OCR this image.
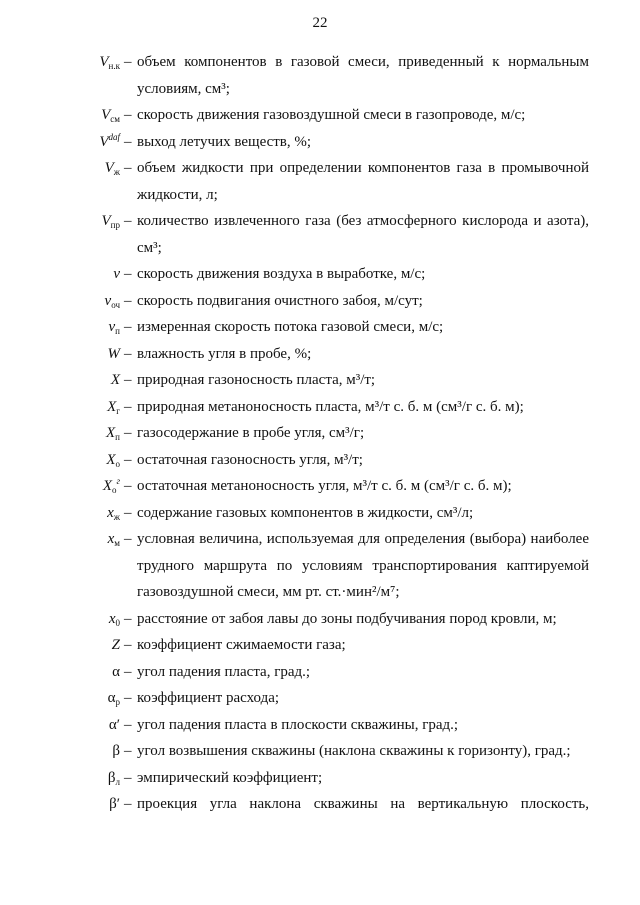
22
$V_{н.к}$ – объем компонентов в газовой смеси, приведенный к нормальным условиям, см³;
$V_{см}$ – скорость движения газовоздушной смеси в газопроводе, м/с;
$V^{daf}$ – выход летучих веществ, %;
$V_ж$ – объем жидкости при определении компонентов газа в промывочной жидкости, л;
$V_{пр}$ – количество извлеченного газа (без атмосферного кислорода и азота), см³;
v – скорость движения воздуха в выработке, м/с;
$v_{оч}$ – скорость подвигания очистного забоя, м/сут;
$v_п$ – измеренная скорость потока газовой смеси, м/с;
W – влажность угля в пробе, %;
X – природная газоносность пласта, м³/т;
$X_г$ – природная метаноносность пласта, м³/т с. б. м (см³/г с. б. м);
$X_п$ – газосодержание в пробе угля, см³/г;
$X_о$ – остаточная газоносность угля, м³/т;
$X_о^г$ – остаточная метаноносность угля, м³/т с. б. м (см³/г с. б. м);
$x_ж$ – содержание газовых компонентов в жидкости, см³/л;
$x_м$ – условная величина, используемая для определения (выбора) наиболее трудного маршрута по условиям транспортирования каптируемой газовоздушной смеси, мм рт. ст.·мин²/м⁷;
$x_0$ – расстояние от забоя лавы до зоны подбучивания пород кровли, м;
Z – коэффициент сжимаемости газа;
α – угол падения пласта, град.;
$\alpha_р$ – коэффициент расхода;
α′ – угол падения пласта в плоскости скважины, град.;
β – угол возвышения скважины (наклона скважины к горизонту), град.;
$\beta_л$ – эмпирический коэффициент;
β′ – проекция угла наклона скважины на вертикальную плоскость,
